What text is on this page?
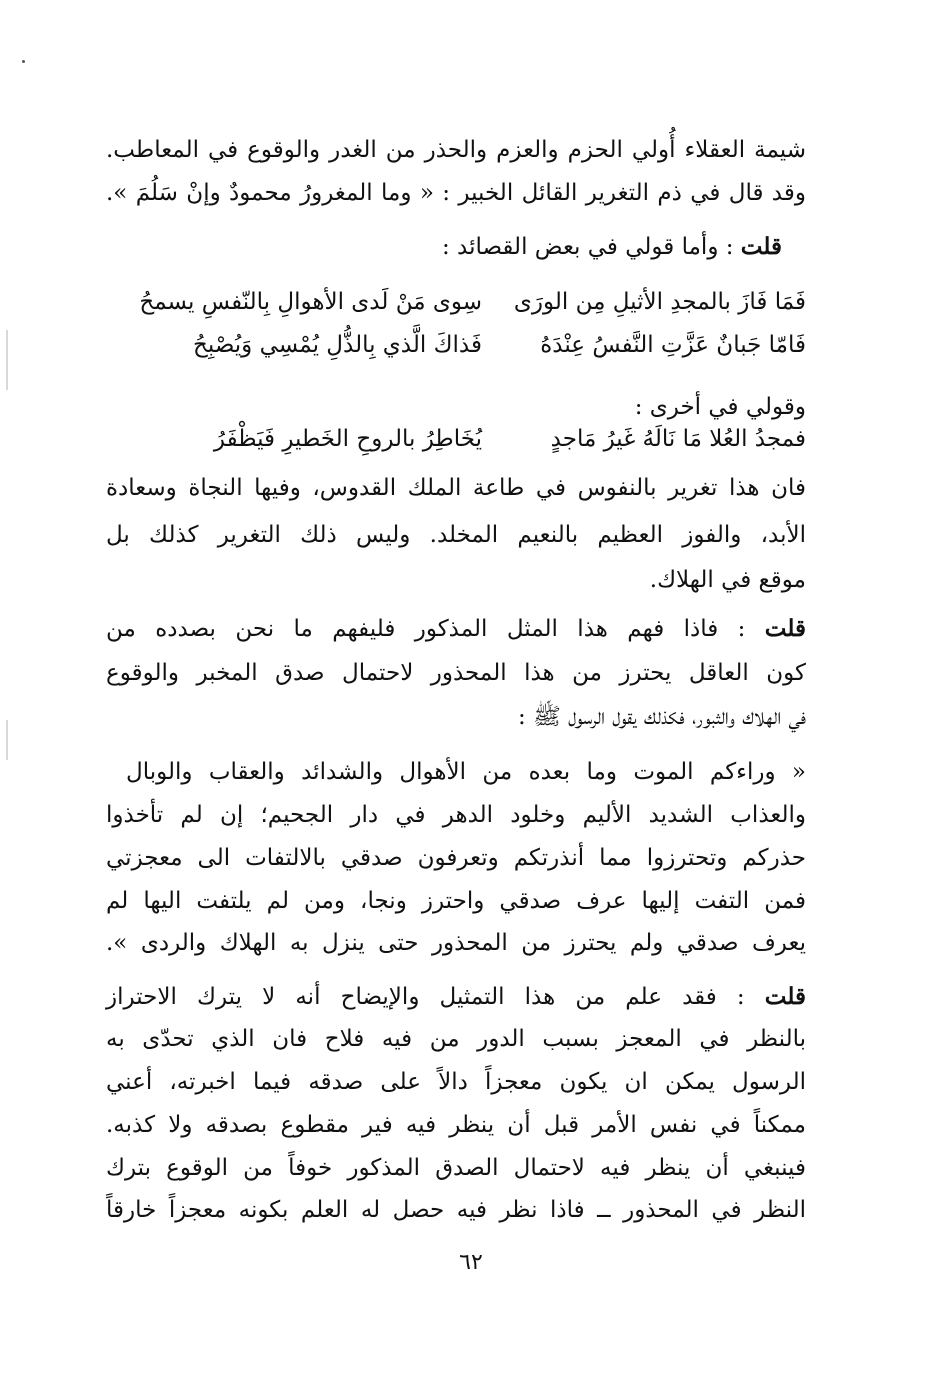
شيمة العقلاء أُولي الحزم والعزم والحذر من الغدر والوقوع في المعاطب.
وقد قال في ذم التغرير القائل الخبير : « وما المغرورُ محمودٌ وإنْ سَلُمَ ».
قلت : وأما قولي في بعض القصائد :
سِوى مَنْ لَدى الأهوالِ بِالنّفسِ يسمحُ فَمَا فَازَ بالمجدِ الأثيلِ مِن الورَى
فَذاكَ الَّذي بِالذُّلِ يُمْسِي وَيُصْبِحُ	فَامّا جَبانٌ عَزَّتِ النَّفسُ عِنْدَهُ
وقولي في أخرى :
يُخَاطِرُ بالروحِ الخَطيرِ فَيَظْفَرُ	فمجدُ العُلا مَا نَالَهُ غَيرُ مَاجدٍ
فان هذا تغرير بالنفوس في طاعة الملك القدوس، وفيها النجاة وسعادة
الأبد، والفوز العظيم بالنعيم المخلد. وليس ذلك التغرير كذلك بل
موقع في الهلاك.
قلت : فاذا فهم هذا المثل المذكور فليفهم ما نحن بصدده من
كون العاقل يحترز من هذا المحذور لاحتمال صدق المخبر والوقوع
في الهلاك والثبور، فكذلك يقول الرسول ﷺ :
« وراءكم الموت وما بعده من الأهوال والشدائد والعقاب والوبال
والعذاب الشديد الأليم وخلود الدهر في دار الجحيم؛ إن لم تأخذوا
حذركم وتحترزوا مما أنذرتكم وتعرفون صدقي بالالتفات الى معجزتي
فمن التفت إليها عرف صدقي واحترز ونجا، ومن لم يلتفت اليها لم
يعرف صدقي ولم يحترز من المحذور حتى ينزل به الهلاك والردى ».
قلت : فقد علم من هذا التمثيل والإيضاح أنه لا يترك الاحتراز
بالنظر في المعجز بسبب الدور من فيه فلاح فان الذي تحدّى به
الرسول يمكن ان يكون معجزاً دالاً على صدقه فيما اخبرته، أعني
ممكناً في نفس الأمر قبل أن ينظر فيه فير مقطوع بصدقه ولا كذبه.
فينبغي أن ينظر فيه لاحتمال الصدق المذكور خوفاً من الوقوع بترك
النظر في المحذور ــ فاذا نظر فيه حصل له العلم بكونه معجزاً خارقاً
٦٢
